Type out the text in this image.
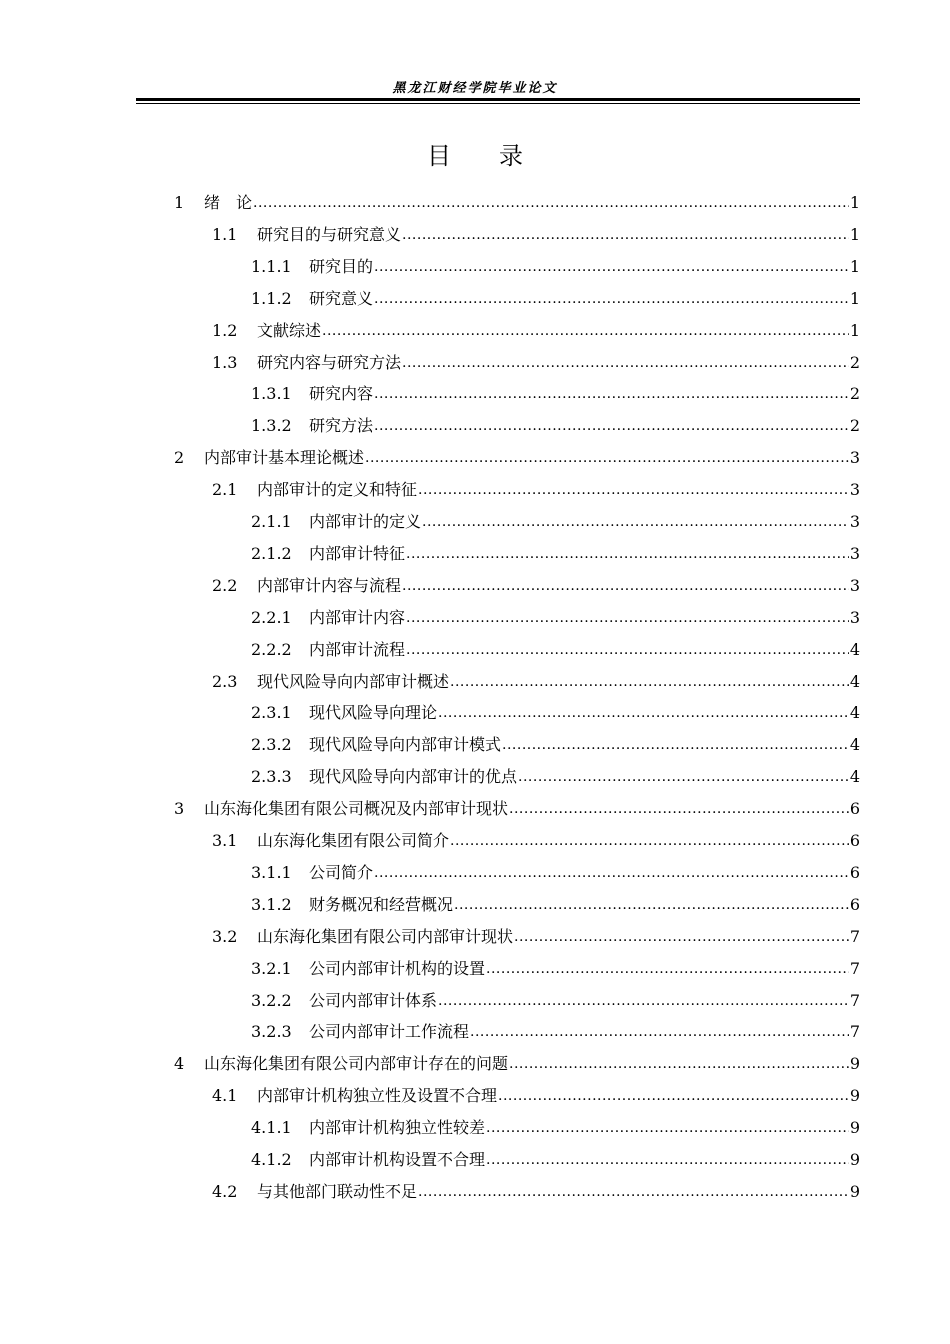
黑龙江财经学院毕业论文
目 录
1	绪　论 .....	1
1.1	研究目的与研究意义 .....	1
1.1.1	研究目的 .....	1
1.1.2	研究意义 .....	1
1.2	文献综述 .....	1
1.3	研究内容与研究方法 .....	2
1.3.1	研究内容 .....	2
1.3.2	研究方法 .....	2
2	内部审计基本理论概述 .....	3
2.1	内部审计的定义和特征 .....	3
2.1.1	内部审计的定义 .....	3
2.1.2	内部审计特征 .....	3
2.2	内部审计内容与流程 .....	3
2.2.1	内部审计内容 .....	3
2.2.2	内部审计流程 .....	4
2.3	现代风险导向内部审计概述 .....	4
2.3.1	现代风险导向理论 .....	4
2.3.2	现代风险导向内部审计模式 .....	4
2.3.3	现代风险导向内部审计的优点 .....	4
3	山东海化集团有限公司概况及内部审计现状 .....	6
3.1	山东海化集团有限公司简介 .....	6
3.1.1	公司简介 .....	6
3.1.2	财务概况和经营概况 .....	6
3.2	山东海化集团有限公司内部审计现状 .....	7
3.2.1	公司内部审计机构的设置 .....	7
3.2.2	公司内部审计体系 .....	7
3.2.3	公司内部审计工作流程 .....	7
4	山东海化集团有限公司内部审计存在的问题 .....	9
4.1	内部审计机构独立性及设置不合理 .....	9
4.1.1	内部审计机构独立性较差 .....	9
4.1.2	内部审计机构设置不合理 .....	9
4.2	与其他部门联动性不足 .....	9
